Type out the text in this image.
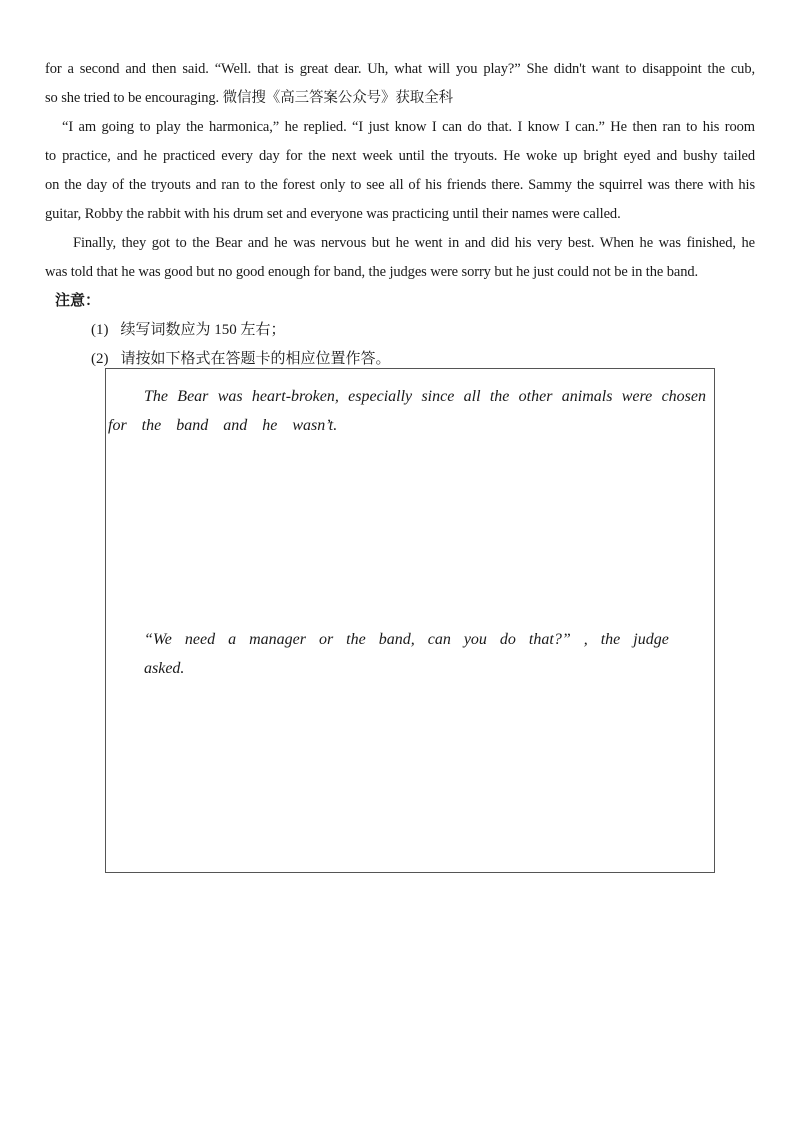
for a second and then said. “Well. that is great dear. Uh, what will you play?” She didn't want to disappoint the cub,
so she tried to be encouraging. 微信搜《高三答案公众号》获取全科
“I am going to play the harmonica,” he replied. “I just know I can do that. I know I can.” He then ran to his room
to practice, and he practiced every day for the next week until the tryouts. He woke up bright eyed and bushy tailed
on the day of the tryouts and ran to the forest only to see all of his friends there. Sammy the squirrel was there with his
guitar, Robby the rabbit with his drum set and everyone was practicing until their names were called.
Finally, they got to the Bear and he was nervous but he went in and did his very best. When he was finished, he
was told that he was good but no good enough for band, the judges were sorry but he just could not be in the band.
注意：
(1) 续写词数应为 150 左右；
(2) 请按如下格式在答题卡的相应位置作答。
The Bear was heart-broken, especially since all the other animals were chosen
for the band and he wasn’t.
“We need a manager or the band, can you do that?” , the judge asked.
